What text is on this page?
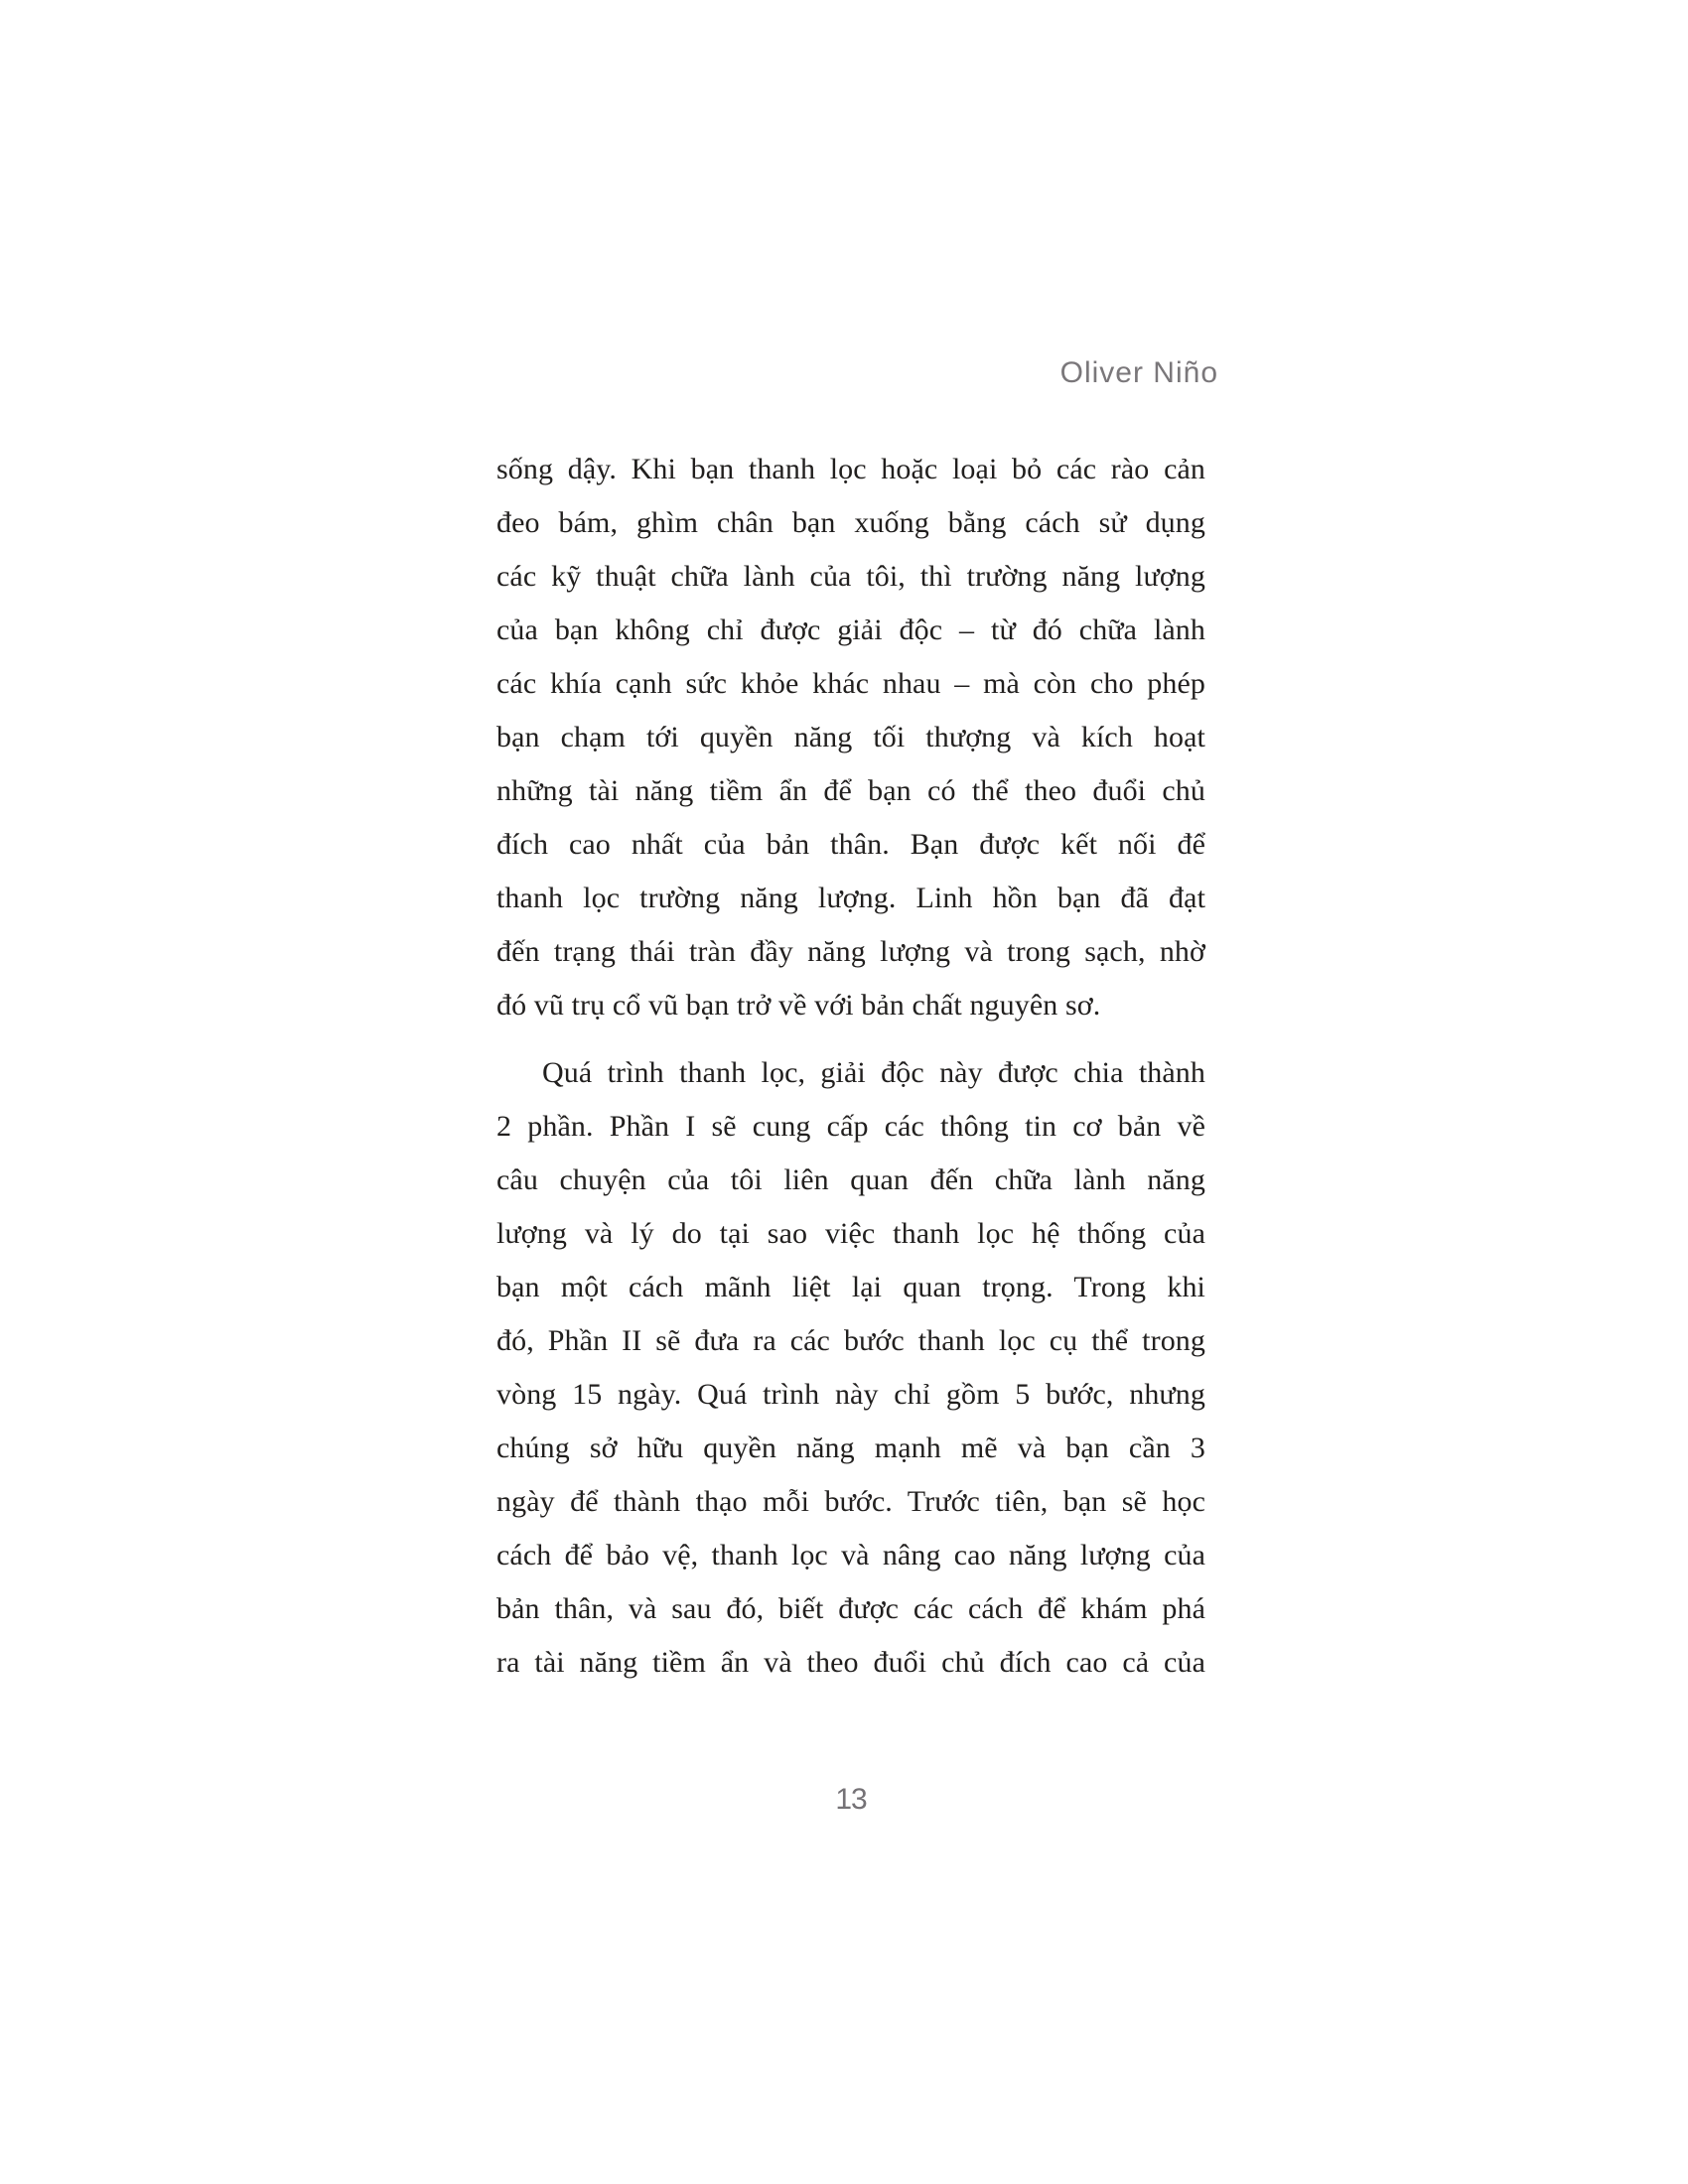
Oliver Niño
sống dậy. Khi bạn thanh lọc hoặc loại bỏ các rào cản
đeo bám, ghìm chân bạn xuống bằng cách sử dụng
các kỹ thuật chữa lành của tôi, thì trường năng lượng
của bạn không chỉ được giải độc – từ đó chữa lành
các khía cạnh sức khỏe khác nhau – mà còn cho phép
bạn chạm tới quyền năng tối thượng và kích hoạt
những tài năng tiềm ẩn để bạn có thể theo đuổi chủ
đích cao nhất của bản thân. Bạn được kết nối để
thanh lọc trường năng lượng. Linh hồn bạn đã đạt
đến trạng thái tràn đầy năng lượng và trong sạch, nhờ
đó vũ trụ cổ vũ bạn trở về với bản chất nguyên sơ.
Quá trình thanh lọc, giải độc này được chia thành
2 phần. Phần I sẽ cung cấp các thông tin cơ bản về
câu chuyện của tôi liên quan đến chữa lành năng
lượng và lý do tại sao việc thanh lọc hệ thống của
bạn một cách mãnh liệt lại quan trọng. Trong khi
đó, Phần II sẽ đưa ra các bước thanh lọc cụ thể trong
vòng 15 ngày. Quá trình này chỉ gồm 5 bước, nhưng
chúng sở hữu quyền năng mạnh mẽ và bạn cần 3
ngày để thành thạo mỗi bước. Trước tiên, bạn sẽ học
cách để bảo vệ, thanh lọc và nâng cao năng lượng của
bản thân, và sau đó, biết được các cách để khám phá
ra tài năng tiềm ẩn và theo đuổi chủ đích cao cả của
13
